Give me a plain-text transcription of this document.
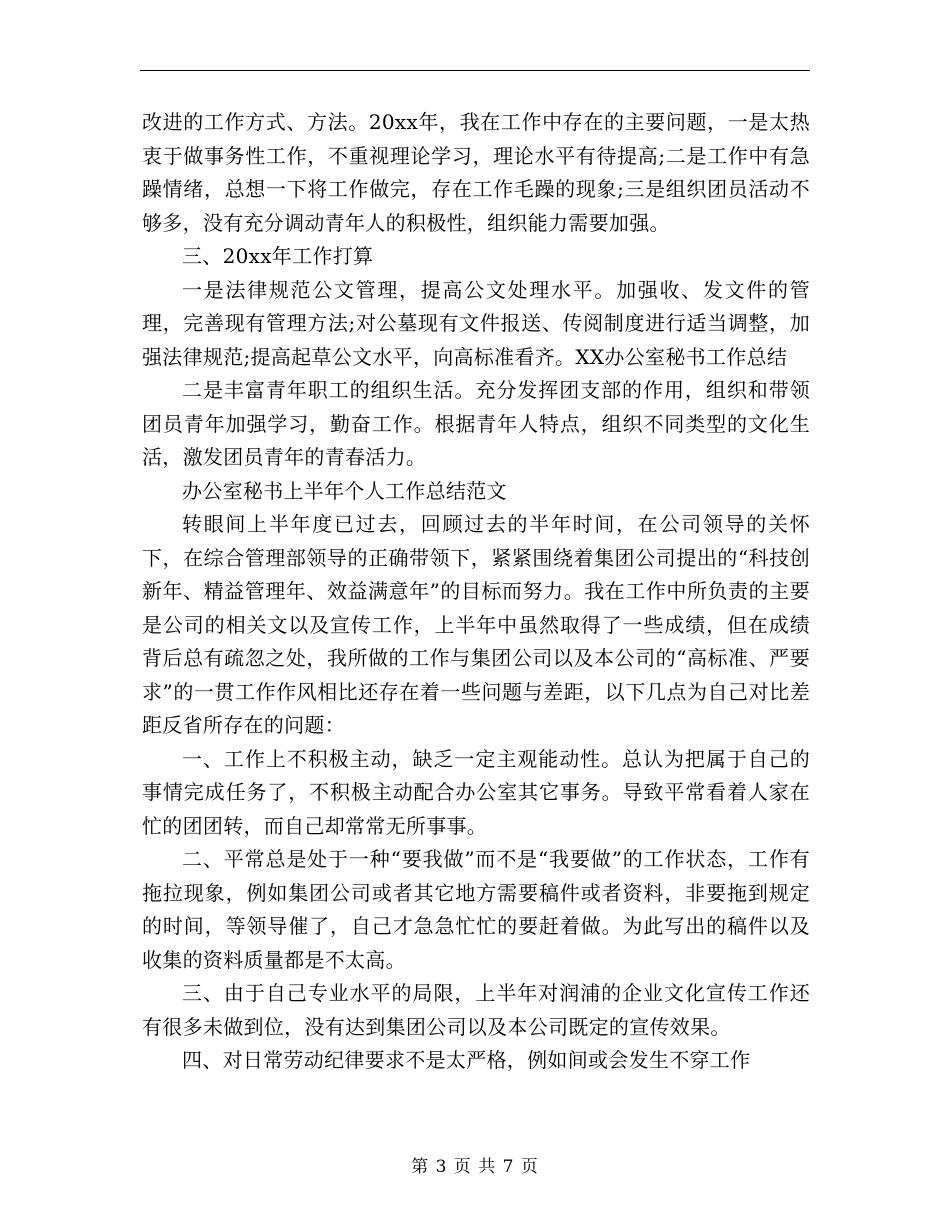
改进的工作方式、方法。20xx年，我在工作中存在的主要问题，一是太热衷于做事务性工作，不重视理论学习，理论水平有待提高;二是工作中有急躁情绪，总想一下将工作做完，存在工作毛躁的现象;三是组织团员活动不够多，没有充分调动青年人的积极性，组织能力需要加强。

三、20xx年工作打算

一是法律规范公文管理，提高公文处理水平。加强收、发文件的管理，完善现有管理方法;对公墓现有文件报送、传阅制度进行适当调整，加强法律规范;提高起草公文水平，向高标准看齐。XX办公室秘书工作总结

二是丰富青年职工的组织生活。充分发挥团支部的作用，组织和带领团员青年加强学习，勤奋工作。根据青年人特点，组织不同类型的文化生活，激发团员青年的青春活力。

办公室秘书上半年个人工作总结范文

转眼间上半年度已过去，回顾过去的半年时间，在公司领导的关怀下，在综合管理部领导的正确带领下，紧紧围绕着集团公司提出的“科技创新年、精益管理年、效益满意年”的目标而努力。我在工作中所负责的主要是公司的相关文以及宣传工作，上半年中虽然取得了一些成绩，但在成绩背后总有疏忽之处，我所做的工作与集团公司以及本公司的“高标准、严要求”的一贯工作作风相比还存在着一些问题与差距，以下几点为自己对比差距反省所存在的问题：

一、工作上不积极主动，缺乏一定主观能动性。总认为把属于自己的事情完成任务了，不积极主动配合办公室其它事务。导致平常看着人家在忙的团团转，而自己却常常无所事事。

二、平常总是处于一种“要我做”而不是“我要做”的工作状态，工作有拖拉现象，例如集团公司或者其它地方需要稿件或者资料，非要拖到规定的时间，等领导催了，自己才急急忙忙的要赶着做。为此写出的稿件以及收集的资料质量都是不太高。

三、由于自己专业水平的局限，上半年对润浦的企业文化宣传工作还有很多未做到位，没有达到集团公司以及本公司既定的宣传效果。

四、对日常劳动纪律要求不是太严格，例如间或会发生不穿工作

第 3 页 共 7 页
